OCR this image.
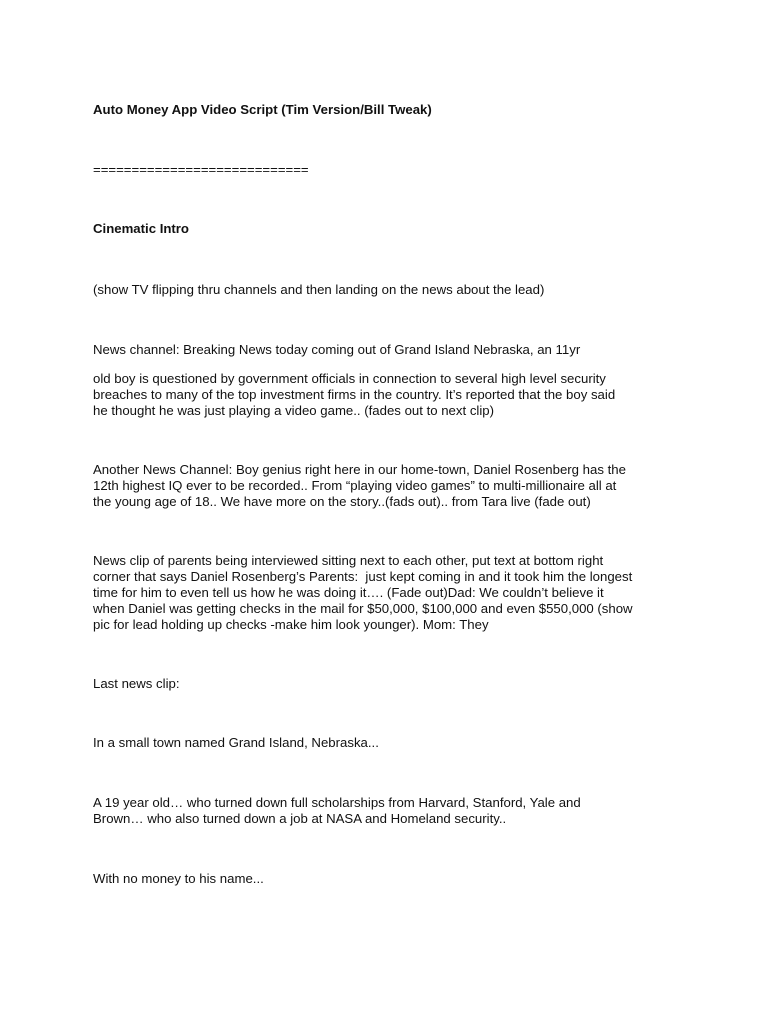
Auto Money App Video Script (Tim Version/Bill Tweak)

============================

Cinematic Intro

(show TV flipping thru channels and then landing on the news about the lead)

News channel: Breaking News today coming out of Grand Island Nebraska, an 11yr

old boy is questioned by government officials in connection to several high level security
breaches to many of the top investment firms in the country. It’s reported that the boy said
he thought he was just playing a video game.. (fades out to next clip)

Another News Channel: Boy genius right here in our home-town, Daniel Rosenberg has the
12th highest IQ ever to be recorded.. From “playing video games” to multi-millionaire all at
the young age of 18.. We have more on the story..(fads out).. from Tara live (fade out)

News clip of parents being interviewed sitting next to each other, put text at bottom right
corner that says Daniel Rosenberg’s Parents:  just kept coming in and it took him the longest
time for him to even tell us how he was doing it…. (Fade out)Dad: We couldn’t believe it
when Daniel was getting checks in the mail for $50,000, $100,000 and even $550,000 (show
pic for lead holding up checks -make him look younger). Mom: They

Last news clip:

In a small town named Grand Island, Nebraska...

A 19 year old… who turned down full scholarships from Harvard, Stanford, Yale and
Brown… who also turned down a job at NASA and Homeland security..

With no money to his name...
